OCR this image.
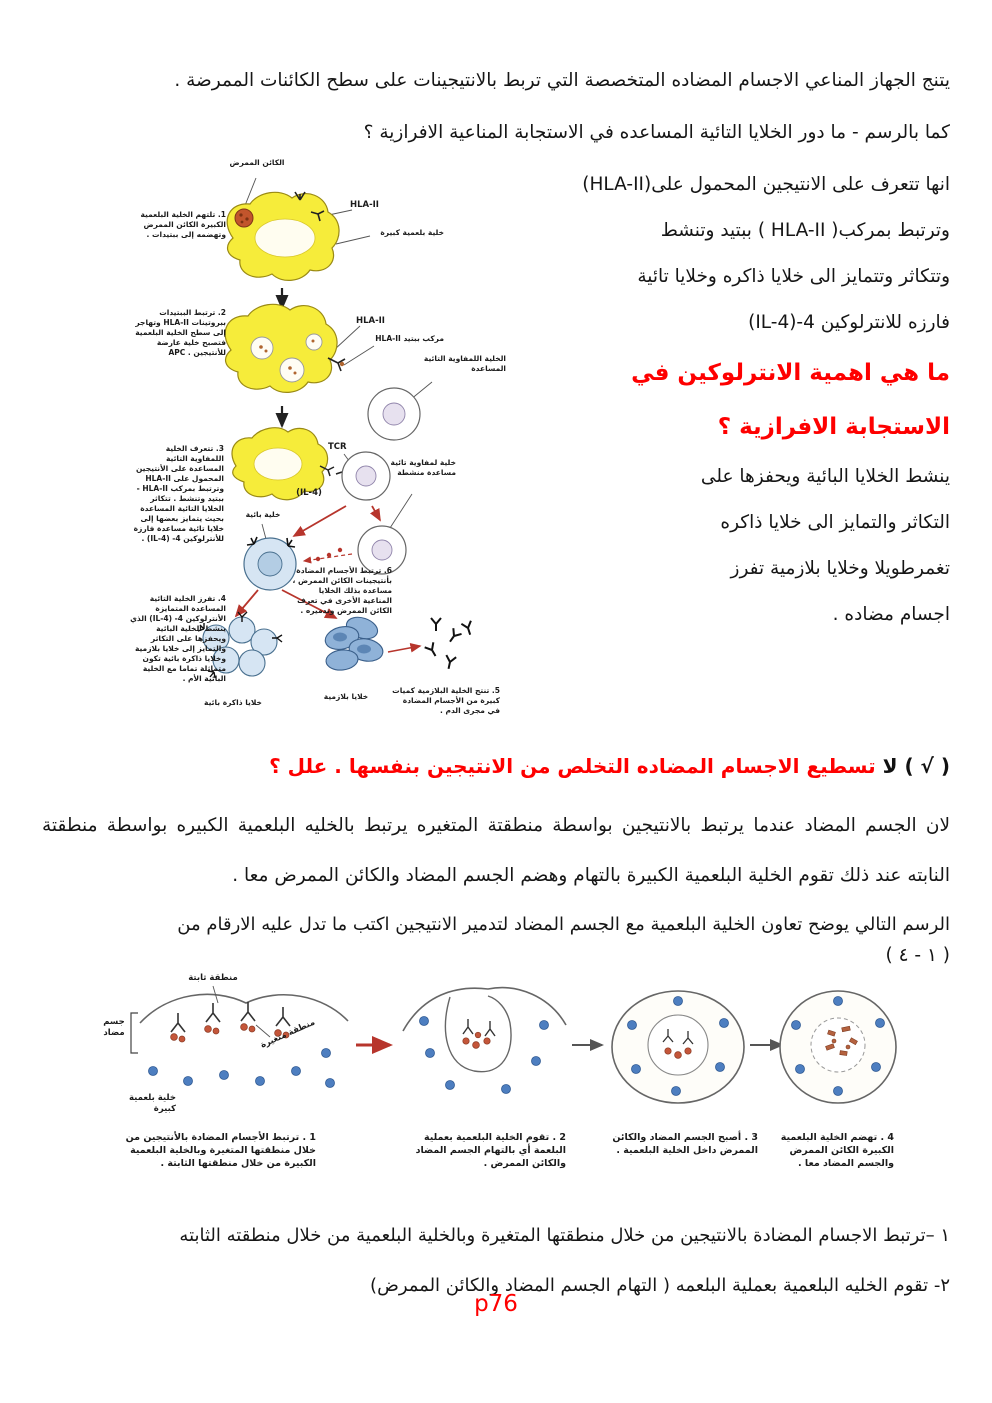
يتنج الجهاز المناعي الاجسام المضاده المتخصصة التي تربط بالانتيجينات على سطح الكائنات الممرضة .

كما بالرسم - ما دور الخلايا التائية المساعده في الاستجابة المناعية الافرازية ؟

انها تتعرف على الانتيجين المحمول على(HLA-II)
وترتبط بمركب( HLA-II ) ببتيد وتنشط
وتتكاثر وتتمايز الى خلايا ذاكره وخلايا تائية
فارزه للانترلوكين 4-(IL-4)
ما هي اهمية الانترلوكين في
الاستجابة الافرازية ؟
ينشط الخلايا البائية ويحفزها على
التكاثر والتمايز الى خلايا ذاكره
تغمرطويلا وخلايا بلازمية تفرز
اجسام مضاده .
الكائن الممرض
HLA-II
خلية بلعمية كبيرة
1. تلتهم الخلية البلعمية الكبيرة الكائن الممرض وتهضمه إلى ببتيدات .
2. ترتبط الببتيدات ببروتينات HLA-II وتهاجر إلى سطح الخلية البلعمية فتصبح خلية عارضة للأنتيجين . APC
HLA-II
مركب ببتيد HLA-II
الخلية اللمفاوية التائية المساعدة
TCR
3. تتعرف الخلية اللمفاوية التائية المساعدة على الأنتيجين المحمول على HLA-II وترتبط بمركب HLA-II - ببتيد وتنشط . تتكاثر الخلايا التائية المساعدة بحيث يتمايز بعضها إلى خلايا تائية مساعدة فارزة للأنترلوكين 4- (IL-4) .
(IL-4)
خلية لمفاوية تائية مساعدة منشطة
خلية بائية
6. ترتبط الأجسام المضادة بأنتيجينات الكائن الممرض ، مساعدة بذلك الخلايا المناعية الأخرى في تعرف الكائن الممرض وتدميره .
4. تفرز الخلية التائية المساعدة المتمايزة الأنترلوكين 4- (IL-4) الذي ينشط الخلية البائية ويحفزها على التكاثر والتمايز إلى خلايا بلازمية وخلايا ذاكرة بائية تكون متماثلة تماما مع الخلية البائية الأم .
خلايا ذاكرة بائية
خلايا بلازمية
5. تنتج الخلية البلازمية كميات كبيرة من الأجسام المضادة في مجرى الدم .

( √ ) لا تسطيع الاجسام المضاده التخلص من الانتيجين بنفسها . علل ؟

لان الجسم المضاد عندما يرتبط بالانتيجين بواسطة منطقتة المتغيره يرتبط بالخليه البلعمية الكبيره بواسطة منطقتة النابته عند ذلك تقوم الخلية البلعمية الكبيرة بالتهام وهضم الجسم المضاد والكائن الممرض معا .

الرسم التالي يوضح تعاون الخلية البلعمية مع الجسم المضاد لتدمير الانتيجين اكتب ما تدل عليه الارقام من

( ١ - ٤ )

جسم مضاد
منطقة ثابتة
منطقة متغيرة
خلية بلعمية كبيرة
1 . ترتبط الأجسام المضادة بالأنتيجين من خلال منطقتها المتغيرة وبالخلية البلعمية الكبيرة من خلال منطقتها الثابتة .
2 . تقوم الخلية البلعمية بعملية البلعمة أي بالتهام الجسم المضاد والكائن الممرض .
3 . أصبح الجسم المضاد والكائن الممرض داخل الخلية البلعمية .
4 . تهضم الخلية البلعمية الكبيرة الكائن الممرض والجسم المضاد معا .

١ –ترتبط الاجسام المضادة بالانتيجين من خلال منطقتها المتغيرة وبالخلية البلعمية من خلال منطقته الثابته

٢- تقوم الخليه البلعمية بعملية البلعمه ( التهام الجسم المضاد والكائن الممرض)

p76
